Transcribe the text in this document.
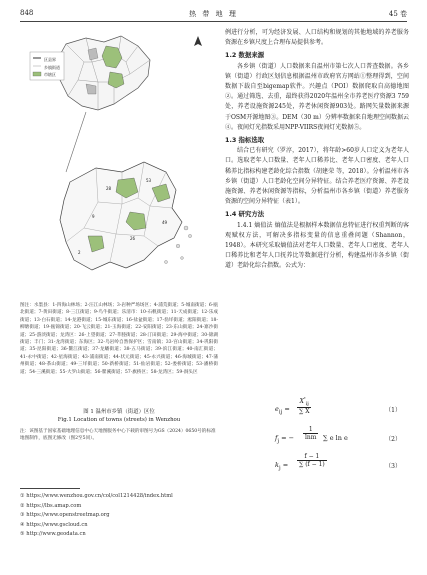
848	热 带 地 理	45 卷
区县界
乡镇街道
市辖区
28
53
9
26
49
2
图注：水墨县：1-四海山林场；2-汪江山林场；3-岩种严场场区；4-浦荒街道；5-城南街道；6-瓯北街道；7-黄田街道；8-三江街道；9-鸟牛街道；乐清市：10-石帆街道；11-天成街道；12-乐成街道；13-白石街道；14-龙港街道；15-城东街道；16-盐盆街道；17-翁垟街道；淞阳街道；18-柳塘街道；19-瓯锦街道；20-飞云街道；21-玉海街道；22-安阳街道；23-东山街道；24-寨沙街道；25-游淡街道；龙湾区：26-上望街道；27-莘塍街道；28-汀田街道；29-海中街道；30-锦湖街道；丰门；31-龙湾街道；东海区；32-乌岩岭自然保护区；雪南镇；33-宫山街道；34-巩阳街道；35-昆阳街道；36-鳌江街道；37-龙蟠街道；38-五马街道；39-滨江街道；40-南汇街道；41-永中街道；42-星海街道；43-浦南街道；44-状元街道；45-永兴街道；46-海城街道；47-蒲州街道；48-茶山街道；49-三垟街道；50-新桥街道；51-仙岩街道；52-娄桥街道；53-潘桥街道；54-三溪街道；55-大罗山街道；56-瞿溪街道；57-旗桥区；58-龙湾区；59-洞头区
图 1 温州市乡镇（街道）区位
Fig.1 Location of towns (streets) in Wenzhou
注：该图基于国家基础地理信息中心天地图服务中心下载的审图号为GS（2024）0650号的标准地图制作，底图无修改（图2至5同）。

例进行分析，可为经济发展、人口结构和规划的其他地域的养老服务资源在乡镇尺度上合理布局提供参考。

1.2 数据来源

各乡镇（街道）人口数据来自温州市第七次人口普查数据。各乡镇（街道）行政区划信息根据温州市政府官方网站①整理得到，空间数据下载自至bigemap软件。兴趣点（POI）数据爬取自高德地图②。通过筛选、去重，最终获得2020年温州全市养老医疗资源3 759处，养老设施资源245处，养老休闲资源903处。路网矢量数据来源于OSM开源地图③。DEM（30 m）分辨率数据来自地理空间数据云④。夜间灯光指数采用NPP-VIIRS夜间灯光数据⑤。

1.3 指标选取

结合已有研究（罗淳，2017），将年龄>60岁人口定义为老年人口。选取老年人口数量、老年人口稀养比、老年人口密度、老年人口稀养比指标构建老龄化综合指数（胡建荣 等，2018）。分析温州市各乡镇（街道）人口老龄化空间分异特征。结合养老医疗资源、养老设施资源、养老休闲资源等指标，分析温州市各乡镇（街道）养老服务资源的空间分异特征（表1）。

1.4 研究方法

1.4.1 熵值法 熵值法是根据样本数据信息特征进行权重判断的客观赋权方法，可解决多指标变量的信息重叠问题（Shannon，1948）。本研究采取熵值法对老年人口数量、老年人口密度、老年人口稀养比和老年人口抚养比等数据进行分析，构建温州市各乡镇（街道）老龄化综合指数。公式为：

$e_{ij} = \frac{X^*_{ij}}{\sum X}$	（1）
$f_j$ = − $\frac{1}{\ln m}$ ∑ e ln e	（2）
$k_j = \frac{f - 1}{\sum (f - 1)}$	（3）
① https://www.wenzhou.gov.cn/col/col1214428/index.html
② https://lbs.amap.com
③ https://www.openstreetmap.org
④ https://www.gscloud.cn
⑤ http://www.geodata.cn
